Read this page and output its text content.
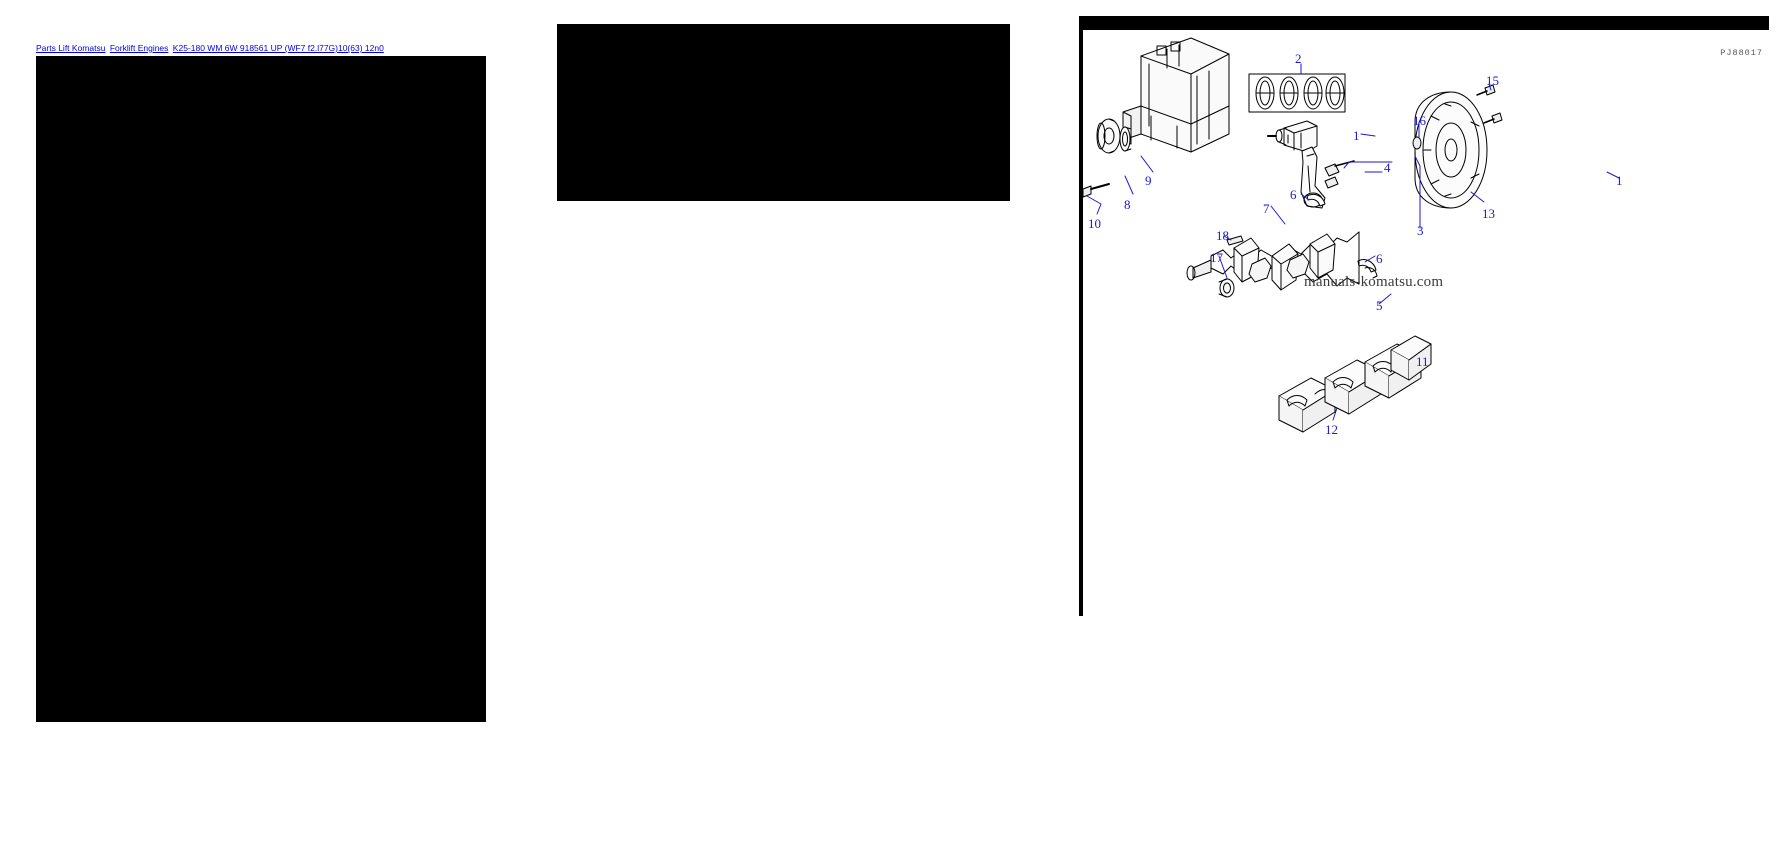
Parts Lift Komatsu Forklift Engines K25-180 WM 6W 918561 UP (WF7 f2.l77G)10(63) 12n0	PJ88017
1
2
1
3
4
5
6
6
7
8
9
10
11
12
13
15
16
17
18
manuals-komatsu.com
